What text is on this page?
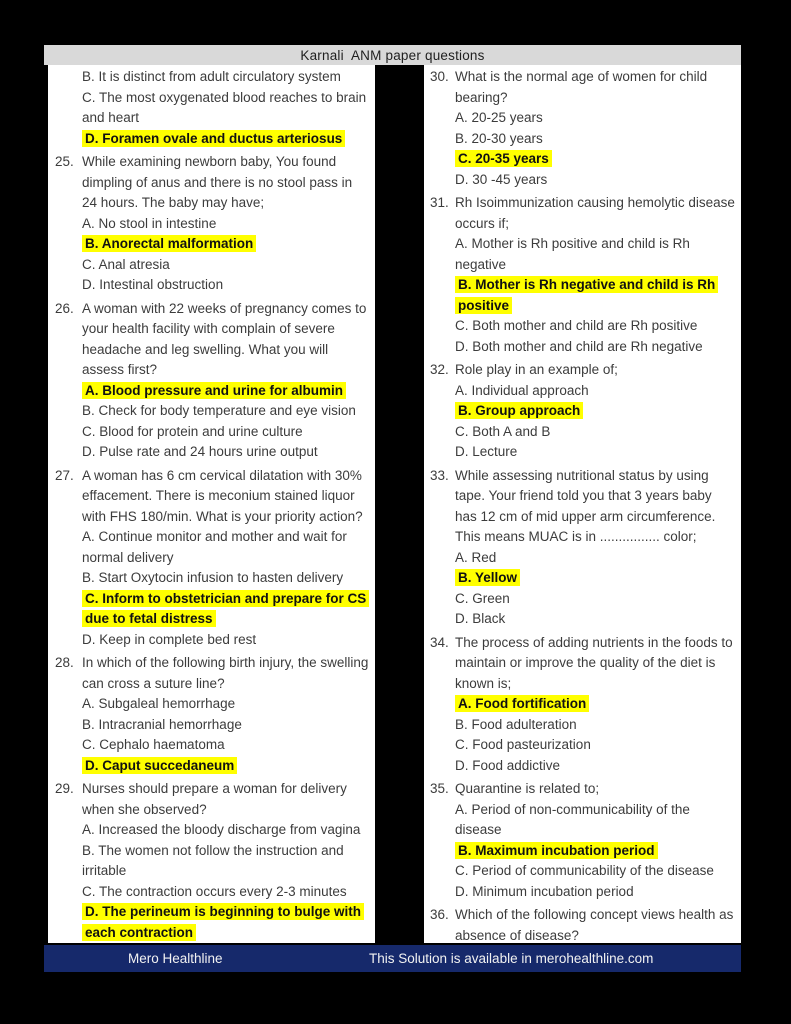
Karnali  ANM paper questions
B. It is distinct from adult circulatory system
C. The most oxygenated blood reaches to brain and heart
D. Foramen ovale and ductus arteriosus
25. While examining newborn baby, You found dimpling of anus and there is no stool pass in 24 hours. The baby may have;
A. No stool in intestine
B. Anorectal malformation
C. Anal atresia
D. Intestinal obstruction
26. A woman with 22 weeks of pregnancy comes to your health facility with complain of severe headache and leg swelling. What you will assess first?
A. Blood pressure and urine for albumin
B. Check for body temperature and eye vision
C. Blood for protein and urine culture
D. Pulse rate and 24 hours urine output
27. A woman has 6 cm cervical dilatation with 30% effacement. There is meconium stained liquor with FHS 180/min. What is your priority action?
A. Continue monitor and mother and wait for normal delivery
B. Start Oxytocin infusion to hasten delivery
C. Inform to obstetrician and prepare for CS due to fetal distress
D. Keep in complete bed rest
28. In which of the following birth injury, the swelling can cross a suture line?
A. Subgaleal hemorrhage
B. Intracranial hemorrhage
C. Cephalo haematoma
D. Caput succedaneum
29. Nurses should prepare a woman for delivery when she observed?
A. Increased the bloody discharge from vagina
B. The women not follow the instruction and irritable
C. The contraction occurs every 2-3 minutes
D. The perineum is beginning to bulge with each contraction
30. What is the normal age of women for child bearing?
A. 20-25 years
B. 20-30 years
C. 20-35 years
D. 30 -45 years
31. Rh Isoimmunization causing hemolytic disease occurs if;
A. Mother is Rh positive and child is Rh negative
B. Mother is Rh negative and child is Rh positive
C. Both mother and child are Rh positive
D. Both mother and child are Rh negative
32. Role play in an example of;
A. Individual approach
B. Group approach
C. Both A and B
D. Lecture
33. While assessing nutritional status by using tape. Your friend told you that 3 years baby has 12 cm of mid upper arm circumference. This means MUAC is in ................ color;
A. Red
B. Yellow
C. Green
D. Black
34. The process of adding nutrients in the foods to maintain or improve the quality of the diet is known is;
A. Food fortification
B. Food adulteration
C. Food pasteurization
D. Food addictive
35. Quarantine is related to;
A. Period of non-communicability of the disease
B. Maximum incubation period
C. Period of communicability of the disease
D. Minimum incubation period
36. Which of the following concept views health as absence of disease?
Mero Healthline	This Solution is available in merohealthline.com
